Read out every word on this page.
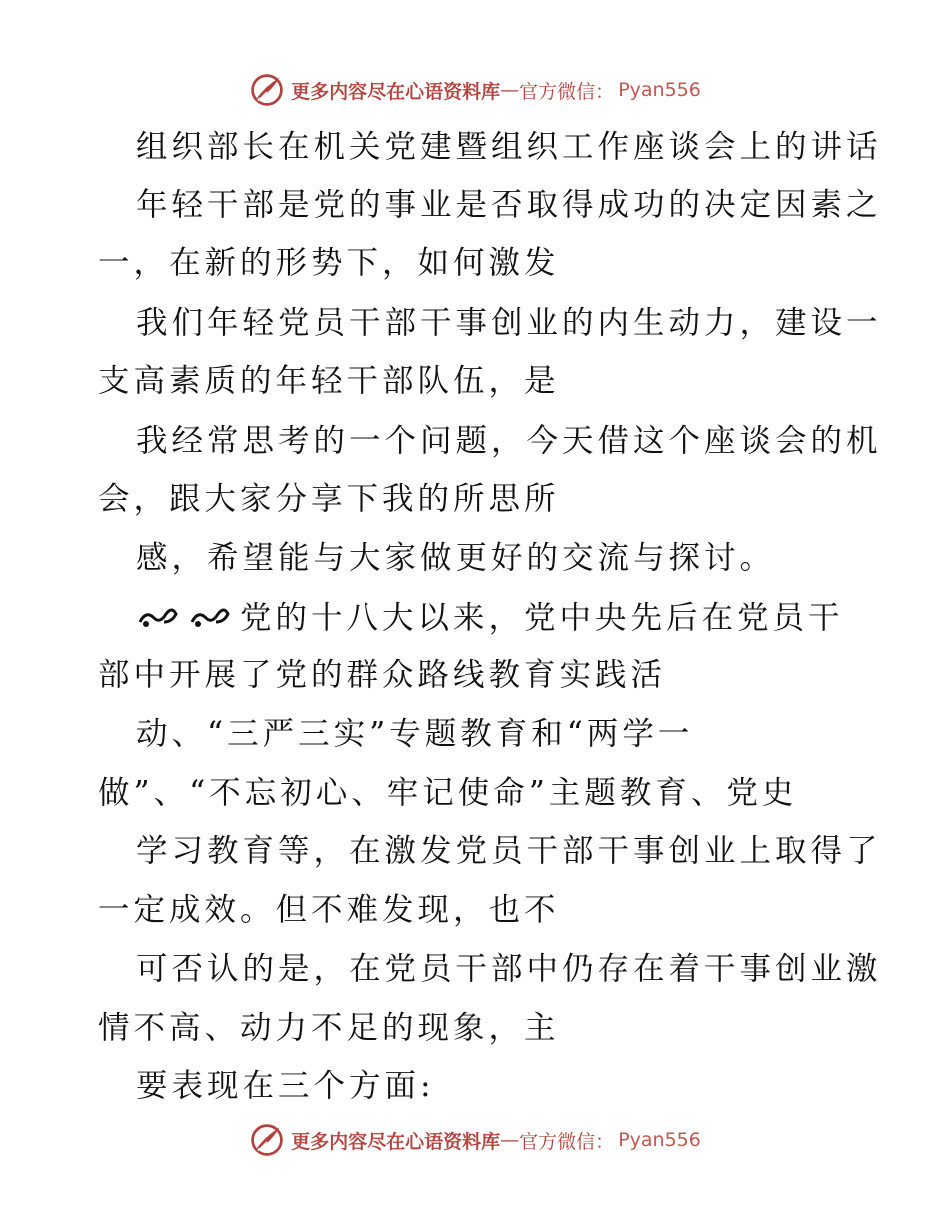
更多内容尽在心语资料库 — 官方微信： Pyan556
组织部长在机关党建暨组织工作座谈会上的讲话
年轻干部是党的事业是否取得成功的决定因素之
一，在新的形势下，如何激发
我们年轻党员干部干事创业的内生动力，建设一
支高素质的年轻干部队伍，是
我经常思考的一个问题，今天借这个座谈会的机
会，跟大家分享下我的所思所
感，希望能与大家做更好的交流与探讨。
党的十八大以来，党中央先后在党员干
部中开展了党的群众路线教育实践活
动、“三严三实”专题教育和“两学一
做”、“不忘初心、牢记使命”主题教育、党史
学习教育等，在激发党员干部干事创业上取得了
一定成效。但不难发现，也不
可否认的是，在党员干部中仍存在着干事创业激
情不高、动力不足的现象，主
要表现在三个方面:
更多内容尽在心语资料库 — 官方微信： Pyan556
